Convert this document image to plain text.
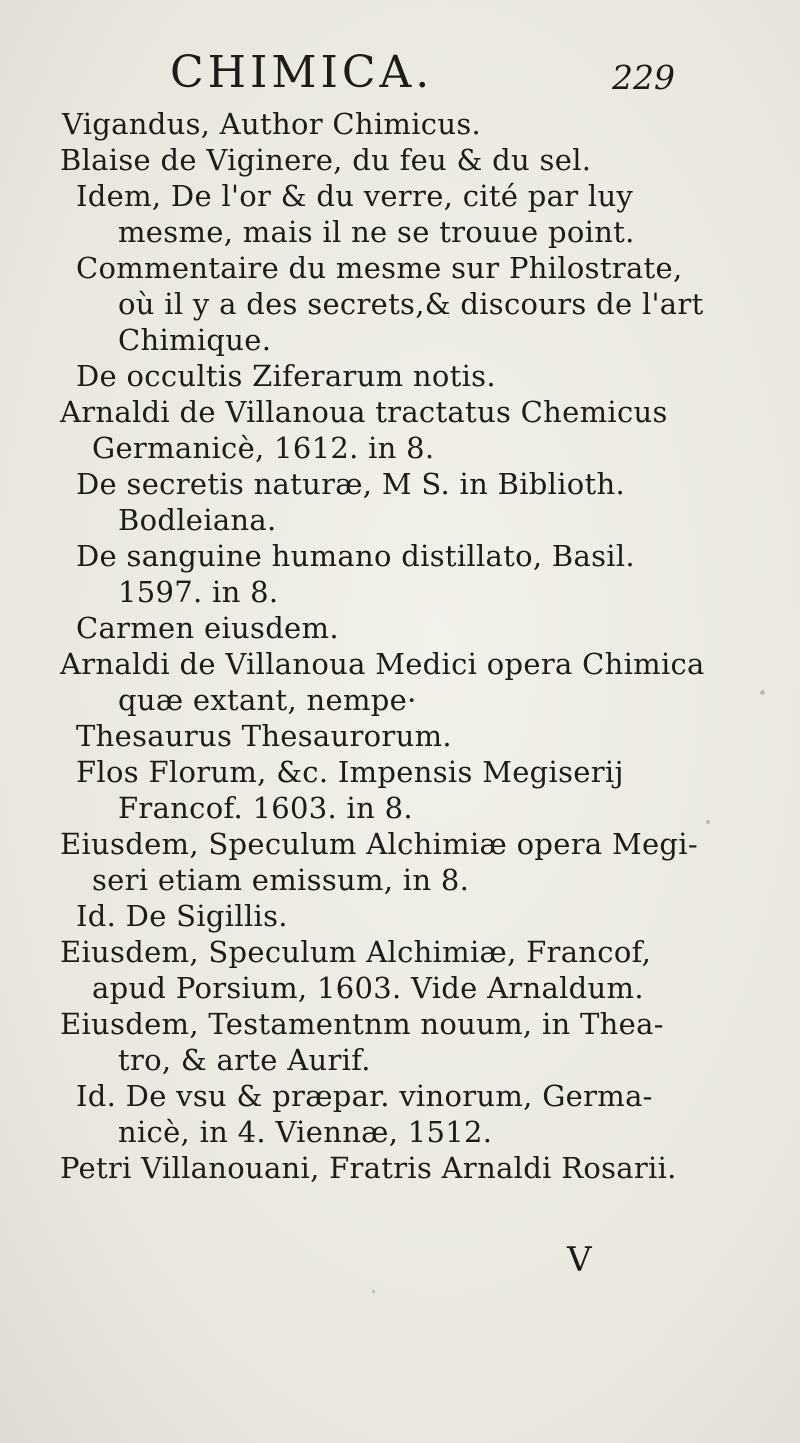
CHIMICA.	229
Vigandus, Author Chimicus.
Blaise de Viginere, du feu & du sel.
Idem, De l'or & du verre, cité par luy
mesme, mais il ne se trouue point.
Commentaire du mesme sur Philostrate,
où il y a des secrets,& discours de l'art
Chimique.
De occultis Ziferarum notis.
Arnaldi de Villanoua tractatus Chemicus
Germanicè, 1612. in 8.
De secretis naturæ, M S. in Biblioth.
Bodleiana.
De sanguine humano distillato, Basil.
1597. in 8.
Carmen eiusdem.
Arnaldi de Villanoua Medici opera Chimica
quæ extant, nempe·
Thesaurus Thesaurorum.
Flos Florum, &c. Impensis Megiserij
Francof. 1603. in 8.
Eiusdem, Speculum Alchimiæ opera Megi-
seri etiam emissum, in 8.
Id. De Sigillis.
Eiusdem, Speculum Alchimiæ, Francof,
apud Porsium, 1603. Vide Arnaldum.
Eiusdem, Testamentnm nouum, in Thea-
tro, & arte Aurif.
Id. De vsu & præpar. vinorum, Germa-
nicè, in 4. Viennæ, 1512.
Petri Villanouani, Fratris Arnaldi Rosarii.
V
